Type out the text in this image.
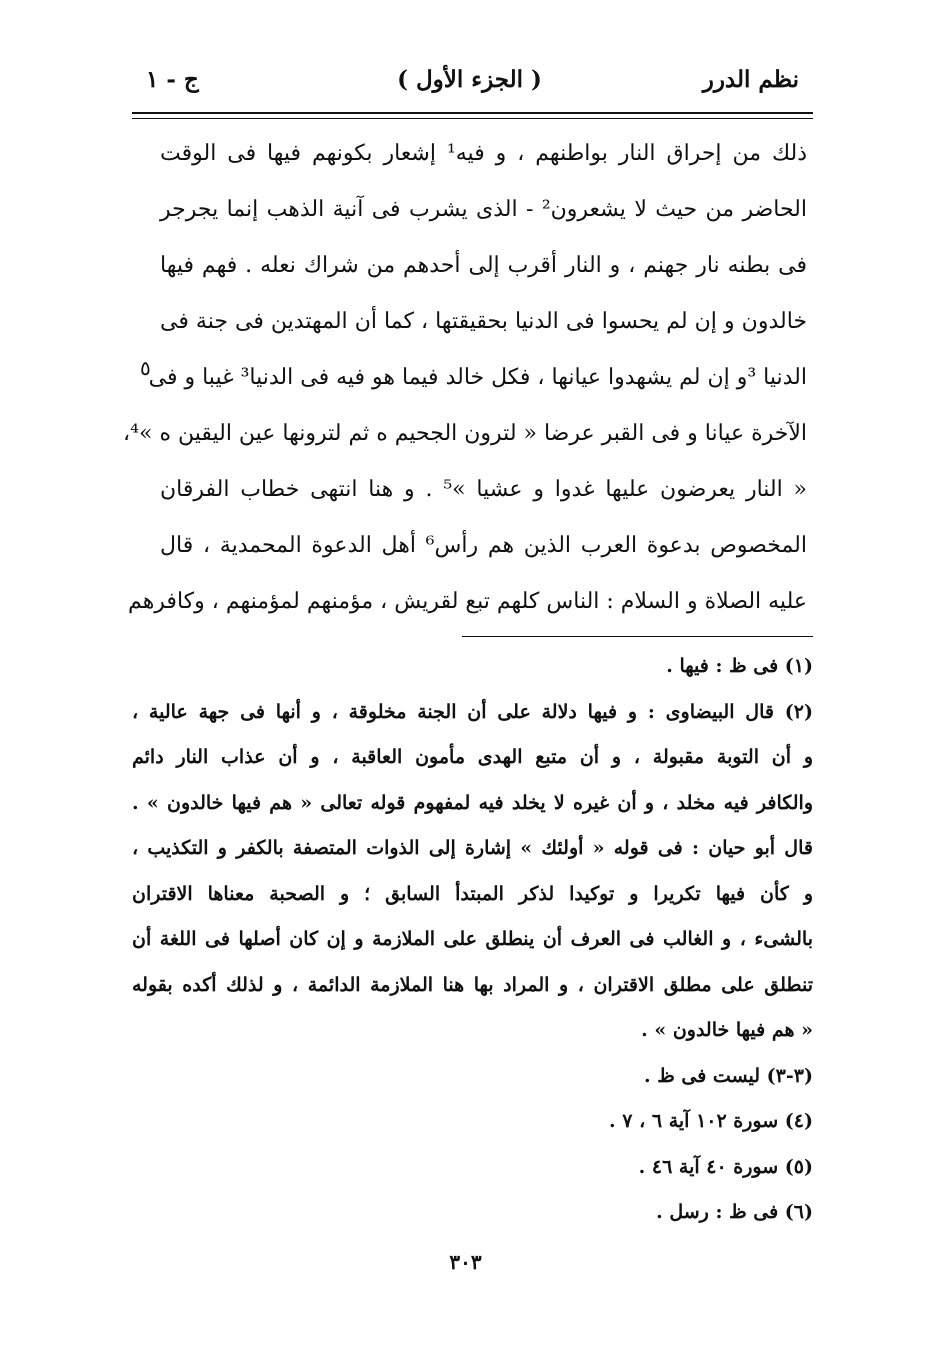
نظم الدرر
( الجزء الأول )
ج - ١
ذلك من إحراق النار بواطنهم ، و فيه¹ إشعار بكونهم فيها فى الوقت
الحاضر من حيث لا يشعرون² - الذى يشرب فى آنية الذهب إنما يجرجر
فى بطنه نار جهنم ، و النار أقرب إلى أحدهم من شراك نعله . فهم فيها
خالدون و إن لم يحسوا فى الدنيا بحقيقتها ، كما أن المهتدين فى جنة فى
الدنيا ³و إن لم يشهدوا عيانها ، فكل خالد فيما هو فيه فى الدنيا³ غيبا و فى
الآخرة عيانا و فى القبر عرضا « لترون الجحيم ه ثم لترونها عين اليقين ه »⁴،
« النار يعرضون عليها غدوا و عشيا »⁵ . و هنا انتهى خطاب الفرقان
المخصوص بدعوة العرب الذين هم رأس⁶ أهل الدعوة المحمدية ، قال
عليه الصلاة و السلام : الناس كلهم تبع لقريش ، مؤمنهم لمؤمنهم ، وكافرهم
٥
(١) فى ظ : فيها .
(٢) قال البيضاوى : و فيها دلالة على أن الجنة مخلوقة ، و أنها فى جهة عالية ،
و أن التوبة مقبولة ، و أن متبع الهدى مأمون العاقبة ، و أن عذاب النار دائم
والكافر فيه مخلد ، و أن غيره لا يخلد فيه لمفهوم قوله تعالى « هم فيها خالدون » .
قال أبو حيان : فى قوله « أولئك » إشارة إلى الذوات المتصفة بالكفر و التكذيب ،
و كأن فيها تكريرا و توكيدا لذكر المبتدأ السابق ؛ و الصحبة معناها الاقتران
بالشىء ، و الغالب فى العرف أن ينطلق على الملازمة و إن كان أصلها فى اللغة أن
تنطلق على مطلق الاقتران ، و المراد بها هنا الملازمة الدائمة ، و لذلك أكده بقوله
« هم فيها خالدون » .
(٣-٣) ليست فى ظ .
(٤) سورة ١٠٢ آية ٦ ، ٧ .
(٥) سورة ٤٠ آية ٤٦ .
(٦) فى ظ : رسل .
٣٠٣
